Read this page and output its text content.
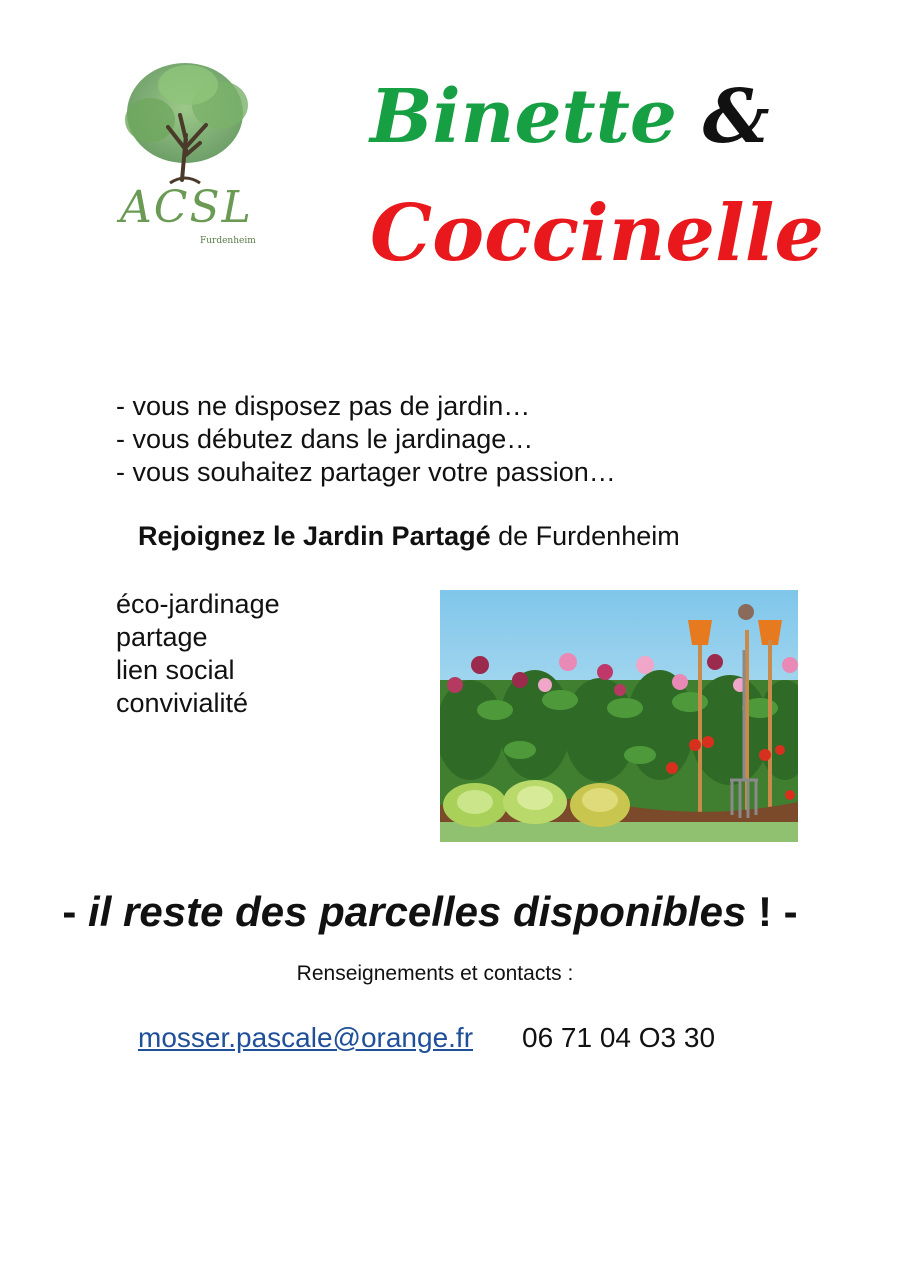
ACSL
Furdenheim
Binette &
Coccinelle
- vous ne disposez pas de jardin…
- vous débutez dans le jardinage…
- vous souhaitez partager votre passion…
Rejoignez le Jardin Partagé de Furdenheim
éco-jardinage
partage
lien social
convivialité
- il reste des parcelles disponibles ! -
Renseignements et contacts :
mosser.pascale@orange.fr 06 71 04 O3 30
